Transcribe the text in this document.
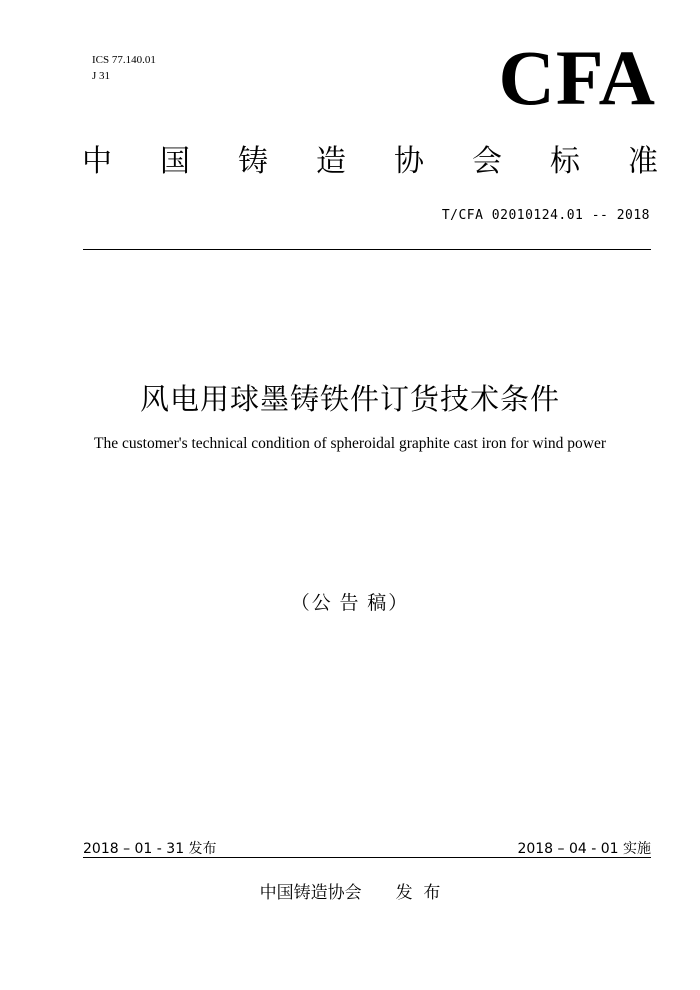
ICS 77.140.01
J 31	CFA
中 国 铸 造 协 会 标 准
T/CFA 02010124.01 -- 2018
风电用球墨铸铁件订货技术条件
The customer's technical condition of spheroidal graphite cast iron for wind power
（公 告 稿）
2018 – 01 - 31 发布	2018 – 04 - 01 实施
中国铸造协会 发  布
